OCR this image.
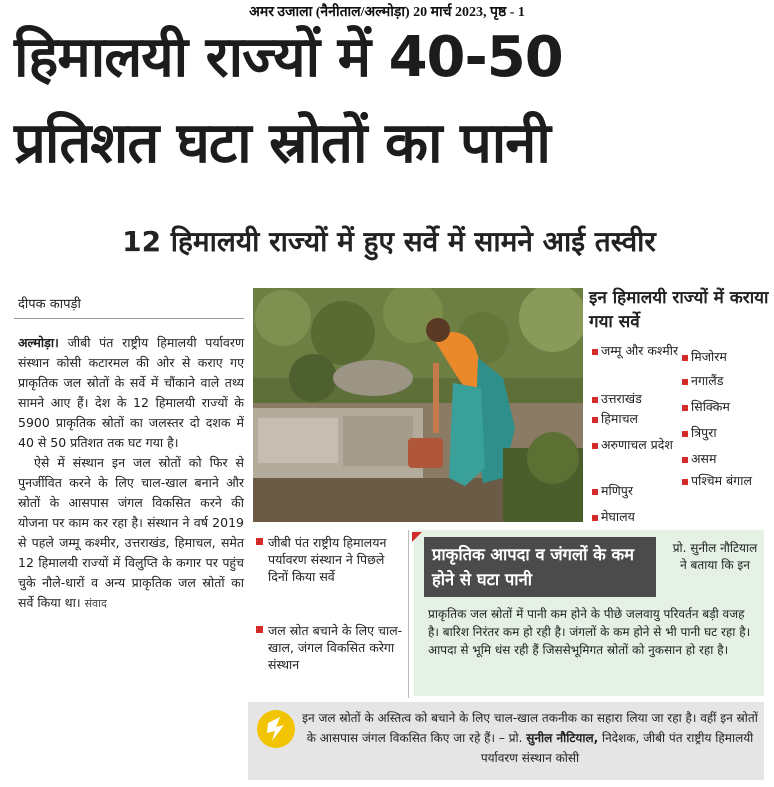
अमर उजाला (नैनीताल/अल्मोड़ा) 20 मार्च 2023, पृष्ठ - 1
हिमालयी राज्यों में 40-50
प्रतिशत घटा स्रोतों का पानी
12 हिमालयी राज्यों में हुए सर्वे में सामने आई तस्वीर
दीपक कापड़ी

अल्मोड़ा। जीबी पंत राष्ट्रीय हिमालयी पर्यावरण संस्थान कोसी कटारमल की ओर से कराए गए प्राकृतिक जल स्रोतों के सर्वे में चौंकाने वाले तथ्य सामने आए हैं। देश के 12 हिमालयी राज्यों के 5900 प्राकृतिक स्रोतों का जलस्तर दो दशक में 40 से 50 प्रतिशत तक घट गया है।

ऐसे में संस्थान इन जल स्रोतों को फिर से पुनर्जीवित करने के लिए चाल-खाल बनाने और स्रोतों के आसपास जंगल विकसित करने की योजना पर काम कर रहा है। संस्थान ने वर्ष 2019 से पहले जम्मू कश्मीर, उत्तराखंड, हिमाचल, समेत 12 हिमालयी राज्यों में विलुप्ति के कगार पर पहुंच चुके नौले-धारों व अन्य प्राकृतिक जल स्रोतों का सर्वे किया था। संवाद

इन हिमालयी राज्यों में कराया गया सर्वे
जम्मू और कश्मीर
उत्तराखंड
हिमाचल
अरुणाचल प्रदेश
मणिपुर
मेघालय
मिजोरम
नगालैंड
सिक्किम
त्रिपुरा
असम
पश्चिम बंगाल
जीबी पंत राष्ट्रीय हिमालयन पर्यावरण संस्थान ने पिछले दिनों किया सर्वे
जल स्रोत बचाने के लिए चाल-खाल, जंगल विकसित करेगा संस्थान
प्राकृतिक आपदा व जंगलों के कम होने से घटा पानी
प्रो. सुनील नौटियाल ने बताया कि इन
प्राकृतिक जल स्रोतों में पानी कम होने के पीछे जलवायु परिवर्तन बड़ी वजह है। बारिश निरंतर कम हो रही है। जंगलों के कम होने से भी पानी घट रहा है। आपदा से भूमि धंस रही हैं जिससेभूमिगत स्रोतों को नुकसान हो रहा है।
इन जल स्रोतों के अस्तित्व को बचाने के लिए चाल-खाल तकनीक का सहारा लिया जा रहा है। वहीं इन स्रोतों के आसपास जंगल विकसित किए जा रहे हैं। – प्रो. सुनील नौटियाल, निदेशक, जीबी पंत राष्ट्रीय हिमालयी पर्यावरण संस्थान कोसी
